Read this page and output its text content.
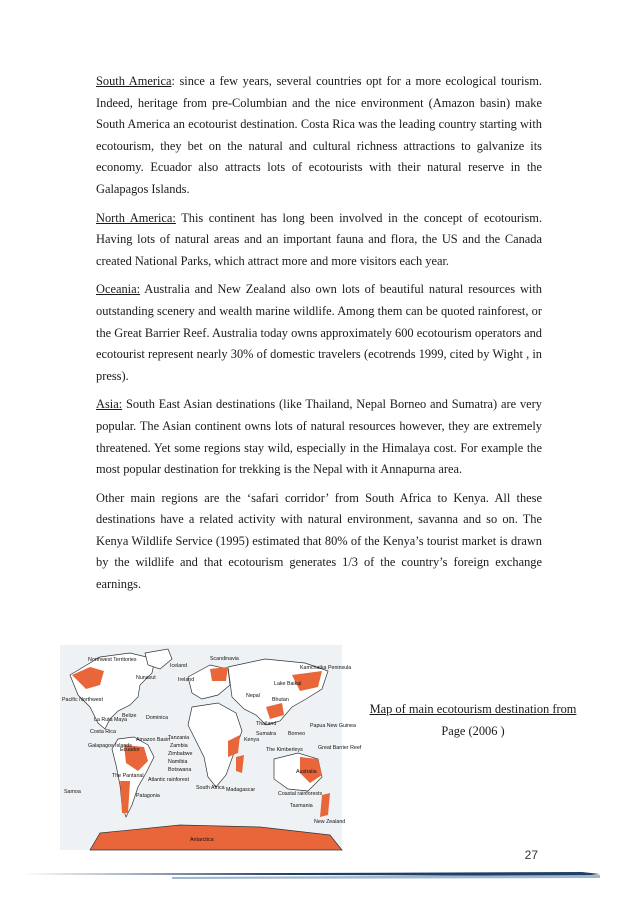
South America: since a few years, several countries opt for a more ecological tourism. Indeed, heritage from pre-Columbian and the nice environment (Amazon basin) make South America an ecotourist destination. Costa Rica was the leading country starting with ecotourism, they bet on the natural and cultural richness attractions to galvanize its economy. Ecuador also attracts lots of ecotourists with their natural reserve in the Galapagos Islands.

North America: This continent has long been involved in the concept of ecotourism. Having lots of natural areas and an important fauna and flora, the US and the Canada created National Parks, which attract more and more visitors each year.

Oceania: Australia and New Zealand also own lots of beautiful natural resources with outstanding scenery and wealth marine wildlife. Among them can be quoted rainforest, or the Great Barrier Reef. Australia today owns approximately 600 ecotourism operators and ecotourist represent nearly 30% of domestic travelers (ecotrends 1999, cited by Wight , in press).

Asia: South East Asian destinations (like Thailand, Nepal Borneo and Sumatra) are very popular. The Asian continent owns lots of natural resources however, they are extremely threatened. Yet some regions stay wild, especially in the Himalaya cost. For example the most popular destination for trekking is the Nepal with it Annapurna area.

Other main regions are the ‘safari corridor’ from South Africa to Kenya. All these destinations have a related activity with natural environment, savanna and so on. The Kenya Wildlife Service (1995) estimated that 80% of the Kenya’s tourist market is drawn by the wildlife and that ecotourism generates 1/3 of the country’s foreign exchange earnings.

Scandinavia
Iceland
Ireland
Nunavut
Northwest Territories
Pacific Northwest
Lake Baikal
Kamchatka Peninsula
La Ruta Maya
Belize Dominica
Costa Rica
Galapagos Islands
Ecuador
Amazon Basin
The Pantanal
Atlantic rainforest
Patagonia
Samoa
Nepal
Bhutan
Thailand
Sumatra Borneo
Papua New Guinea
Kenya
Tanzania
Zambia
Zimbabwe
Namibia
Botswana
South Africa Madagascar
The Kimberleys	Great Barrier Reef
Australia
Coastal rainforests
Tasmania
New Zealand
Antarctica
Map of main ecotourism destination from
Page (2006 )
27
